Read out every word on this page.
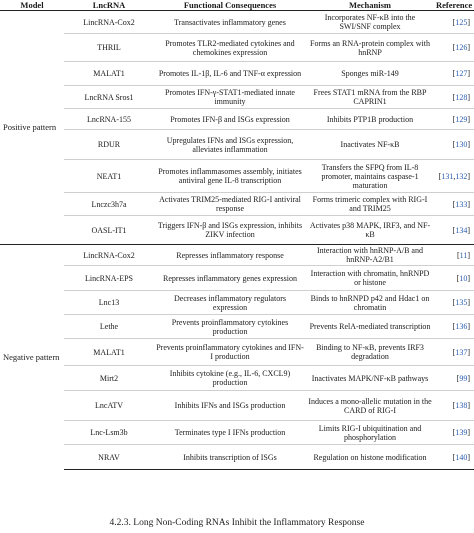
Model	LncRNA	Functional Consequences	Mechanism	Reference
Positive pattern	LincRNA-Cox2	Transactivates inflammatory genes	Incorporates NF-κB into the SWI/SNF complex	[125]
	THRIL	Promotes TLR2-mediated cytokines and chemokines expression	Forms an RNA-protein complex with hnRNP	[126]
	MALAT1	Promotes IL-1β, IL-6 and TNF-α expression	Sponges miR-149	[127]
	LncRNA Sros1	Promotes IFN-γ-STAT1-mediated innate immunity	Frees STAT1 mRNA from the RBP CAPRIN1	[128]
	LncRNA-155	Promotes IFN-β and ISGs expression	Inhibits PTP1B production	[129]
	RDUR	Upregulates IFNs and ISGs expression, alleviates inflammation	Inactivates NF-κB	[130]
	NEAT1	Promotes inflammasomes assembly, initiates antiviral gene IL-8 transcription	Transfers the SFPQ from IL-8 promoter, maintains caspase-1 maturation	[131,132]
	Lnczc3h7a	Activates TRIM25-mediated RIG-I antiviral response	Forms trimeric complex with RIG-I and TRIM25	[133]
	OASL-IT1	Triggers IFN-β and ISGs expression, inhibits ZIKV infection	Activates p38 MAPK, IRF3, and NF-κB	[134]
Negative pattern	LincRNA-Cox2	Represses inflammatory response	Interaction with hnRNP-A/B and hnRNP-A2/B1	[11]
	LincRNA-EPS	Represses inflammatory genes expression	Interaction with chromatin, hnRNPD or histone	[10]
	Lnc13	Decreases inflammatory regulators expression	Binds to hnRNPD p42 and Hdac1 on chromatin	[135]
	Lethe	Prevents proinflammatory cytokines production	Prevents RelA-mediated transcription	[136]
	MALAT1	Prevents proinflammatory cytokines and IFN-I production	Binding to NF-κB, prevents IRF3 degradation	[137]
	Mirt2	Inhibits cytokine (e.g., IL-6, CXCL9) production	Inactivates MAPK/NF-κB pathways	[99]
	LncATV	Inhibits IFNs and ISGs production	Induces a mono-allelic mutation in the CARD of RIG-I	[138]
	Lnc-Lsm3b	Terminates type I IFNs production	Limits RIG-I ubiquitination and phosphorylation	[139]
	NRAV	Inhibits transcription of ISGs	Regulation on histone modification	[140]
4.2.3. Long Non-Coding RNAs Inhibit the Inflammatory Response
